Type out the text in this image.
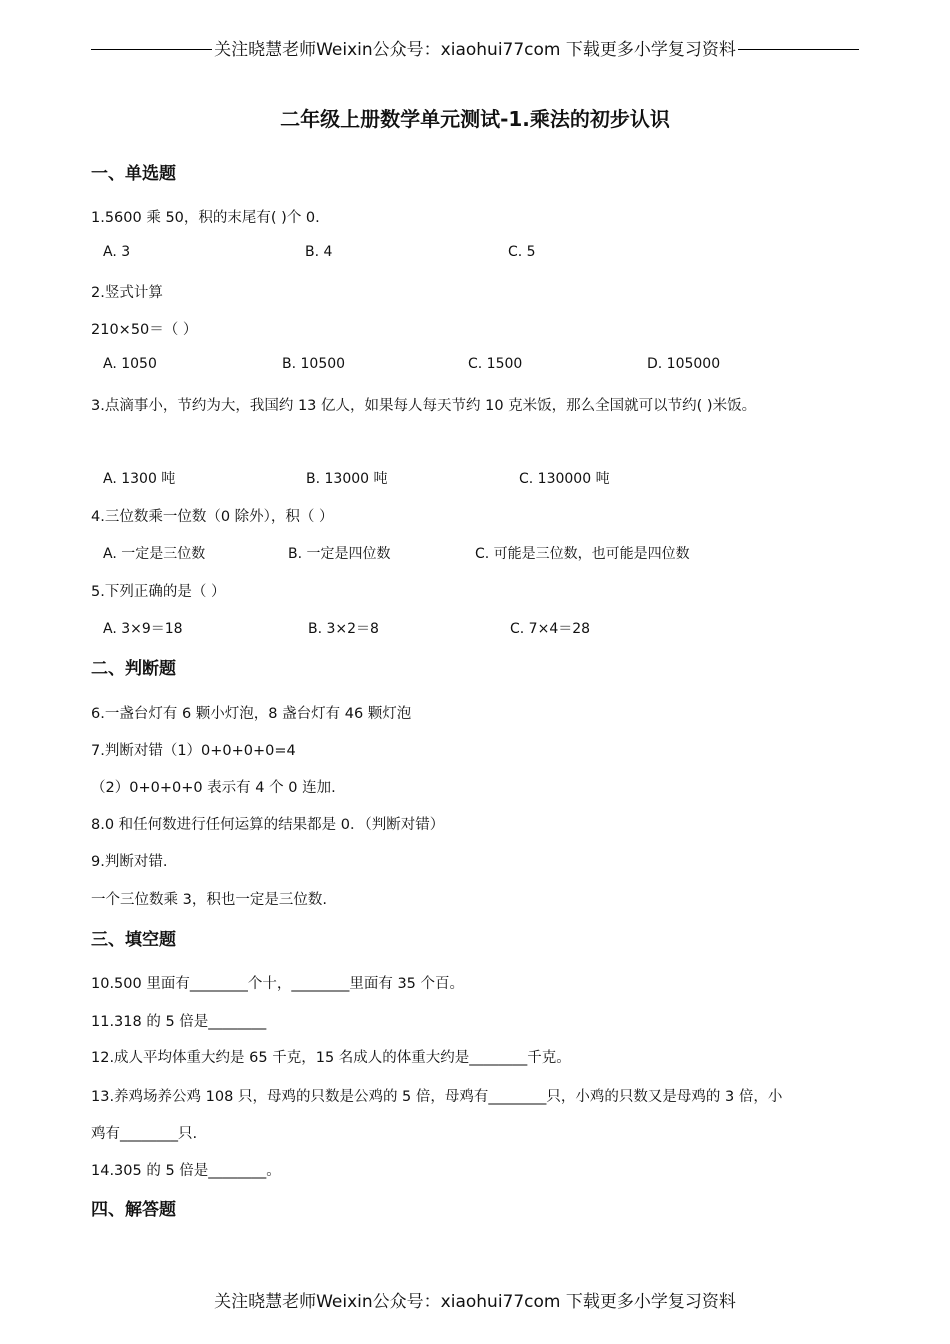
关注晓慧老师Weixin公众号：xiaohui77com 下载更多小学复习资料
二年级上册数学单元测试-1.乘法的初步认识
一、单选题
1.5600 乘 50，积的末尾有( )个 0.
A. 3	B. 4	C. 5
2.竖式计算
210×50＝（ ）
A. 1050	B. 10500	C. 1500	D. 105000
3.点滴事小，节约为大，我国约 13 亿人，如果每人每天节约 10 克米饭，那么全国就可以节约( )米饭。
A. 1300 吨	B. 13000 吨	C. 130000 吨
4.三位数乘一位数（0 除外），积（ ）
A. 一定是三位数	B. 一定是四位数	C. 可能是三位数，也可能是四位数
5.下列正确的是（ ）
A. 3×9＝18	B. 3×2＝8	C. 7×4＝28
二、判断题
6.一盏台灯有 6 颗小灯泡，8 盏台灯有 46 颗灯泡
7.判断对错（1）0+0+0+0=4
（2）0+0+0+0 表示有 4 个 0 连加.
8.0 和任何数进行任何运算的结果都是 0．（判断对错）
9.判断对错.
一个三位数乘 3，积也一定是三位数.
三、填空题
10.500 里面有________个十，________里面有 35 个百。
11.318 的 5 倍是________
12.成人平均体重大约是 65 千克，15 名成人的体重大约是________千克。
13.养鸡场养公鸡 108 只，母鸡的只数是公鸡的 5 倍，母鸡有________只，小鸡的只数又是母鸡的 3 倍，小
鸡有________只.
14.305 的 5 倍是________。
四、解答题
关注晓慧老师Weixin公众号：xiaohui77com 下载更多小学复习资料
